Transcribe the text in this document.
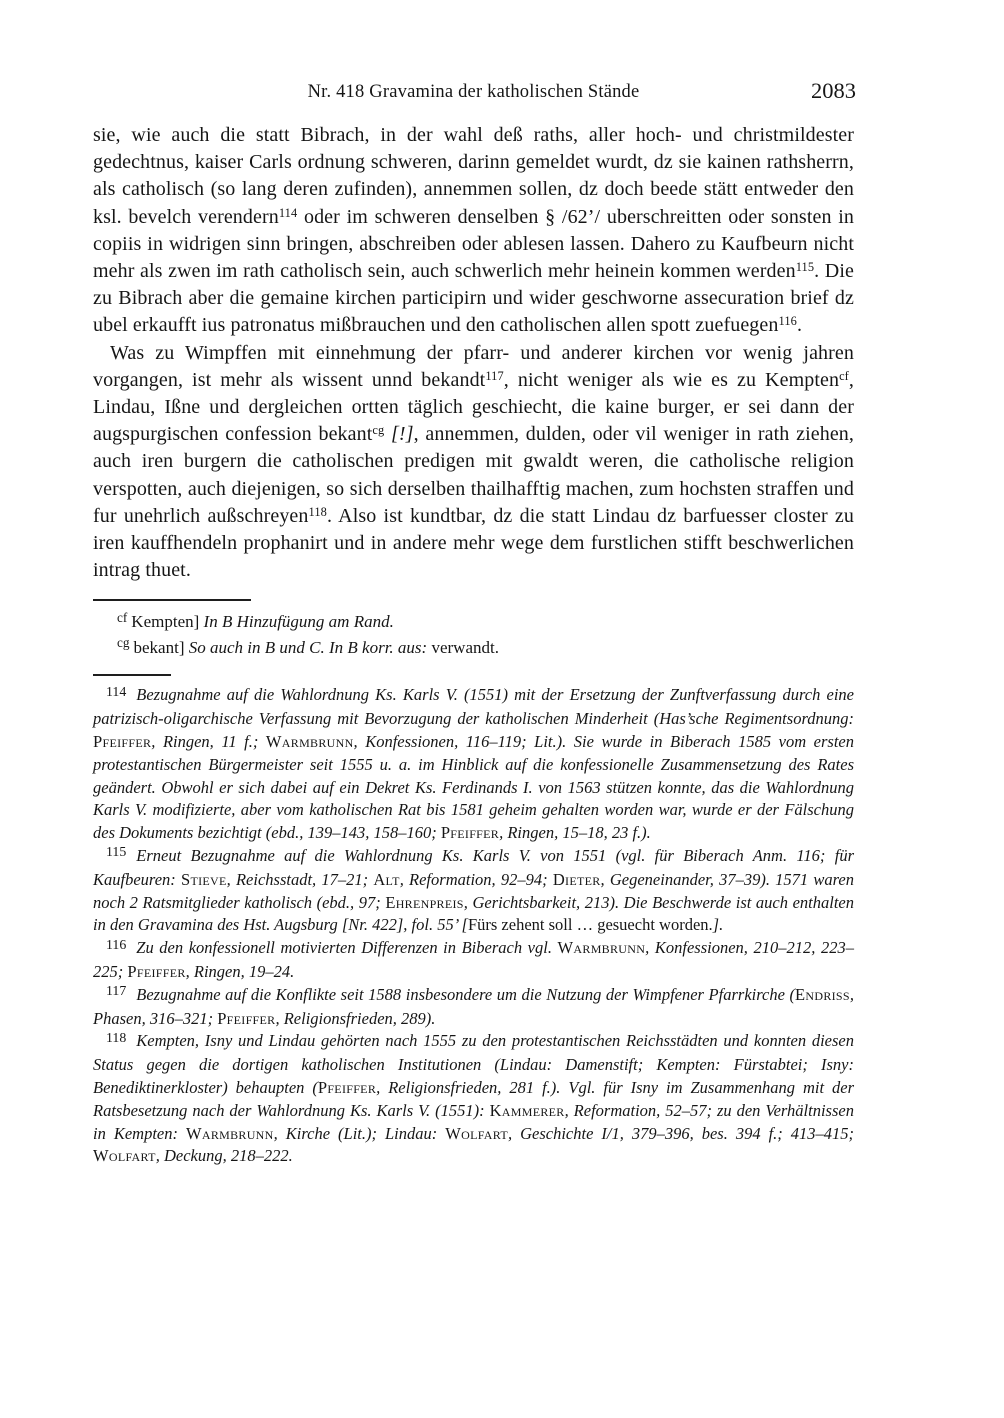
Nr. 418 Gravamina der katholischen Stände	2083

sie, wie auch die statt Bibrach, in der wahl deß raths, aller hoch- und christmildester gedechtnus, kaiser Carls ordnung schweren, darinn gemeldet wurdt, dz sie kainen rathsherrn, als catholisch (so lang deren zufinden), annemmen sollen, dz doch beede stätt entweder den ksl. bevelch verendern$^{114}$ oder im schweren denselben § /62’/ uberschreitten oder sonsten in copiis in widrigen sinn bringen, abschreiben oder ablesen lassen. Dahero zu Kaufbeurn nicht mehr als zwen im rath catholisch sein, auch schwerlich mehr heinein kommen werden$^{115}$. Die zu Bibrach aber die gemaine kirchen participirn und wider geschworne assecuration brief dz ubel erkaufft ius patronatus mißbrauchen und den catholischen allen spott zuefuegen$^{116}$.

Was zu Wimpffen mit einnehmung der pfarr- und anderer kirchen vor wenig jahren vorgangen, ist mehr als wissent unnd bekandt$^{117}$, nicht weniger als wie es zu Kempten$^{cf}$, Lindau, Ißne und dergleichen ortten täglich geschiecht, die kaine burger, er sei dann der augspurgischen confession bekant$^{cg}$ [!], annemmen, dulden, oder vil weniger in rath ziehen, auch iren burgern die catholischen predigen mit gwaldt weren, die catholische religion verspotten, auch diejenigen, so sich derselben thailhafftig machen, zum hochsten straffen und fur unehrlich außschreyen$^{118}$. Also ist kundtbar, dz die statt Lindau dz barfuesser closter zu iren kauffhendeln prophanirt und in andere mehr wege dem furstlichen stifft beschwerlichen intrag thuet.

$^{cf}$ Kempten] In B Hinzufügung am Rand.

$^{cg}$ bekant] So auch in B und C. In B korr. aus: verwandt.

$^{114}$ Bezugnahme auf die Wahlordnung Ks. Karls V. (1551) mit der Ersetzung der Zunftverfassung durch eine patrizisch-oligarchische Verfassung mit Bevorzugung der katholischen Minderheit (Has’sche Regimentsordnung: Pfeiffer, Ringen, 11 f.; Warmbrunn, Konfessionen, 116–119; Lit.). Sie wurde in Biberach 1585 vom ersten protestantischen Bürgermeister seit 1555 u. a. im Hinblick auf die konfessionelle Zusammensetzung des Rates geändert. Obwohl er sich dabei auf ein Dekret Ks. Ferdinands I. von 1563 stützen konnte, das die Wahlordnung Karls V. modifizierte, aber vom katholischen Rat bis 1581 geheim gehalten worden war, wurde er der Fälschung des Dokuments bezichtigt (ebd., 139–143, 158–160; Pfeiffer, Ringen, 15–18, 23 f.).

$^{115}$ Erneut Bezugnahme auf die Wahlordnung Ks. Karls V. von 1551 (vgl. für Biberach Anm. 116; für Kaufbeuren: Stieve, Reichsstadt, 17–21; Alt, Reformation, 92–94; Dieter, Gegeneinander, 37–39). 1571 waren noch 2 Ratsmitglieder katholisch (ebd., 97; Ehrenpreis, Gerichtsbarkeit, 213). Die Beschwerde ist auch enthalten in den Gravamina des Hst. Augsburg [Nr. 422], fol. 55’ [Fürs zehent soll … gesuecht worden.].

$^{116}$ Zu den konfessionell motivierten Differenzen in Biberach vgl. Warmbrunn, Konfessionen, 210–212, 223–225; Pfeiffer, Ringen, 19–24.

$^{117}$ Bezugnahme auf die Konflikte seit 1588 insbesondere um die Nutzung der Wimpfener Pfarrkirche (Endriss, Phasen, 316–321; Pfeiffer, Religionsfrieden, 289).

$^{118}$ Kempten, Isny und Lindau gehörten nach 1555 zu den protestantischen Reichsstädten und konnten diesen Status gegen die dortigen katholischen Institutionen (Lindau: Damenstift; Kempten: Fürstabtei; Isny: Benediktinerkloster) behaupten (Pfeiffer, Religionsfrieden, 281 f.). Vgl. für Isny im Zusammenhang mit der Ratsbesetzung nach der Wahlordnung Ks. Karls V. (1551): Kammerer, Reformation, 52–57; zu den Verhältnissen in Kempten: Warmbrunn, Kirche (Lit.); Lindau: Wolfart, Geschichte I/1, 379–396, bes. 394 f.; 413–415; Wolfart, Deckung, 218–222.
